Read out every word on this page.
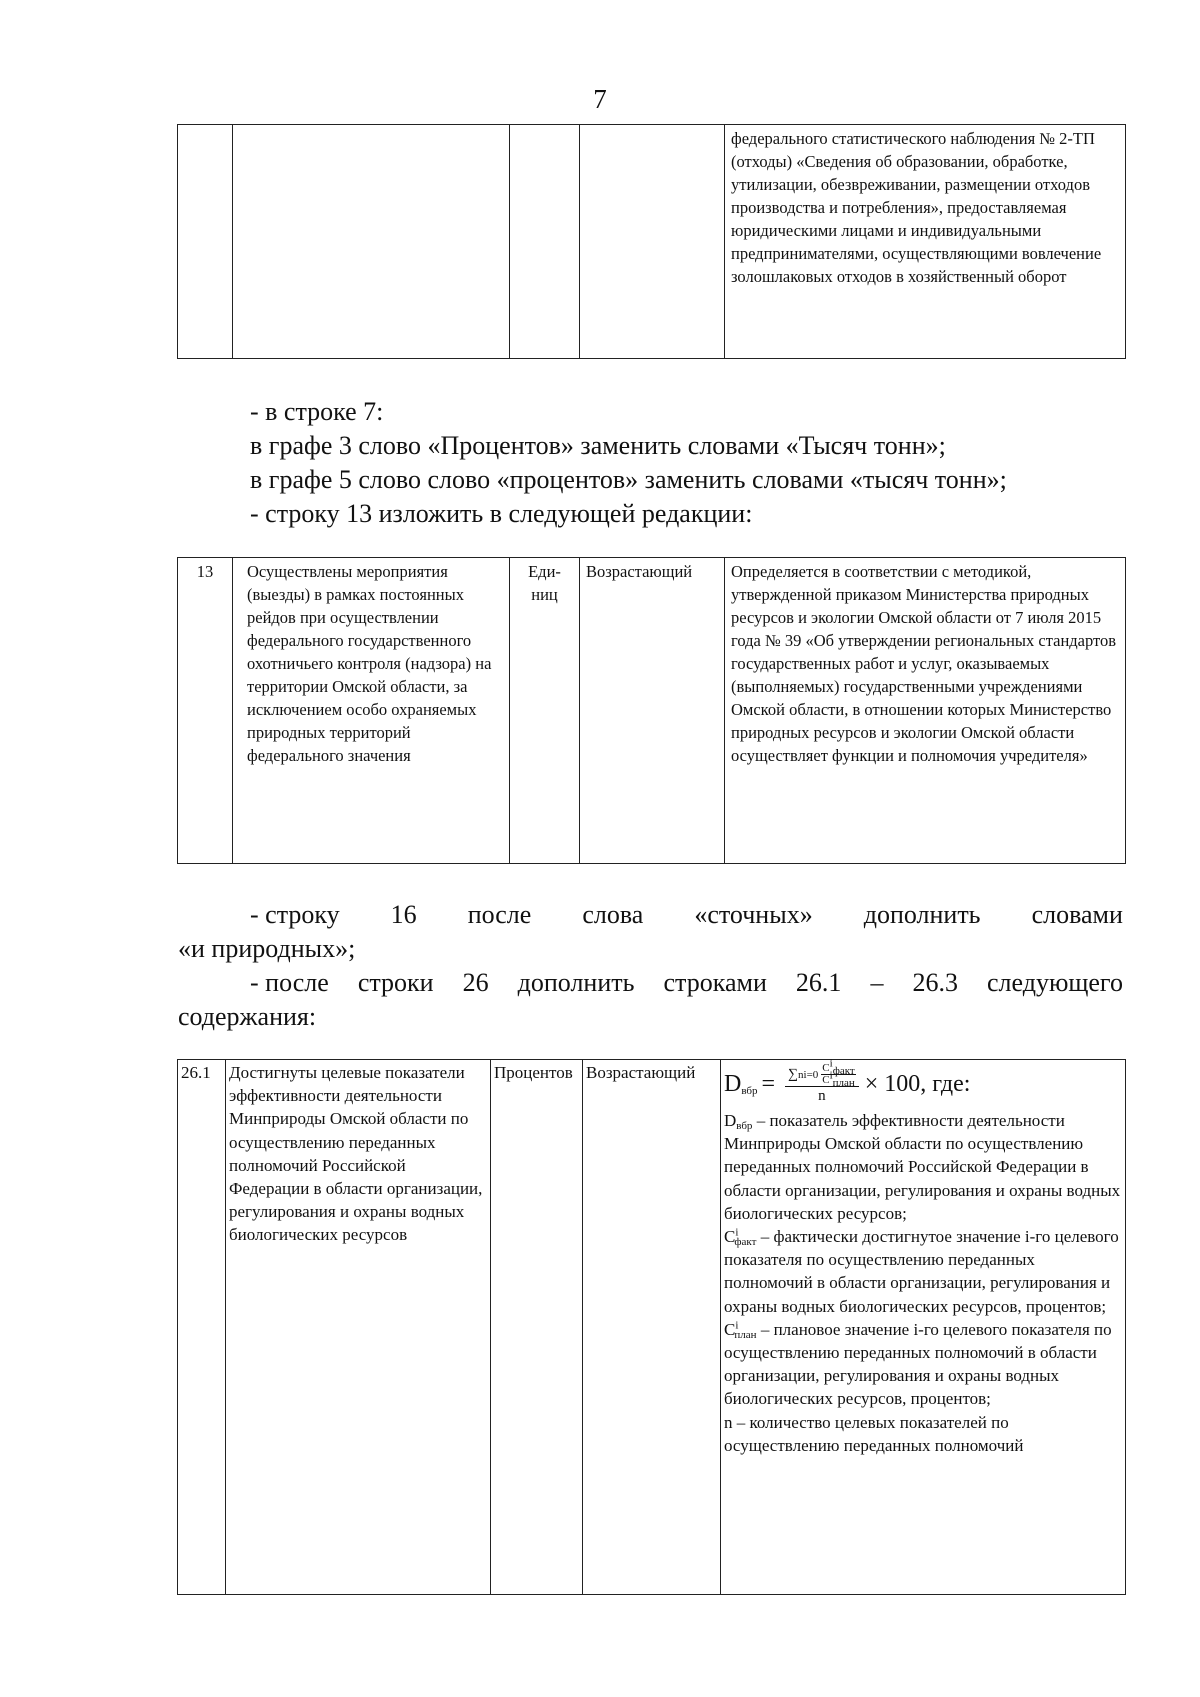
7
				федерального статистического наблюдения № 2-ТП (отходы) «Сведения об образовании, обработке, утилизации, обезвреживании, размещении отходов производства и потребления», предоставляемая юридическими лицами и индивидуальными предпринимателями, осуществляющими вовлечение золошлаковых отходов в хозяйственный оборот
- в строке 7:
в графе 3 слово «Процентов» заменить словами «Тысяч тонн»;
в графе 5 слово слово «процентов» заменить словами «тысяч тонн»;
- строку 13 изложить в следующей редакции:
13	Осуществлены мероприятия (выезды) в рамках постоянных рейдов при осуществлении федерального государственного охотничьего контроля (надзора) на территории Омской области, за исключением особо охраняемых природных территорий федерального значения	Еди-ниц	Возрастающий	Определяется в соответствии с методикой, утвержденной приказом Министерства природных ресурсов и экологии Омской области от 7 июля 2015 года № 39 «Об утверждении региональных стандартов государственных работ и услуг, оказываемых (выполняемых) государственными учреждениями Омской области, в отношении которых Министерство природных ресурсов и экологии Омской области осуществляет функции и полномочия учредителя»
- строку 16 после слова «сточных» дополнить словами
«и природных»;
- после строки 26 дополнить строками 26.1 – 26.3 следующего
содержания:
26.1	Достигнуты целевые показатели эффективности деятельности Минприроды Омской области по осуществлению переданных полномочий Российской Федерации в области организации, регулирования и охраны водных биологических ресурсов	Процентов	Возрастающий	$D_{вбр} = \frac{\sum n i=0 \frac{C^i_{факт}}{C^i_{план}}}{n} \times 100$, где:
$D_{вбр}$ – показатель эффективности деятельности Минприроды Омской области по осуществлению переданных полномочий Российской Федерации в области организации, регулирования и охраны водных биологических ресурсов;
$C^i_{факт}$ – фактически достигнутое значение i-го целевого показателя по осуществлению переданных полномочий в области организации, регулирования и охраны водных биологических ресурсов, процентов;
$C^i_{план}$ – плановое значение i-го целевого показателя по осуществлению переданных полномочий в области организации, регулирования и охраны водных биологических ресурсов, процентов;
n – количество целевых показателей по осуществлению переданных полномочий
